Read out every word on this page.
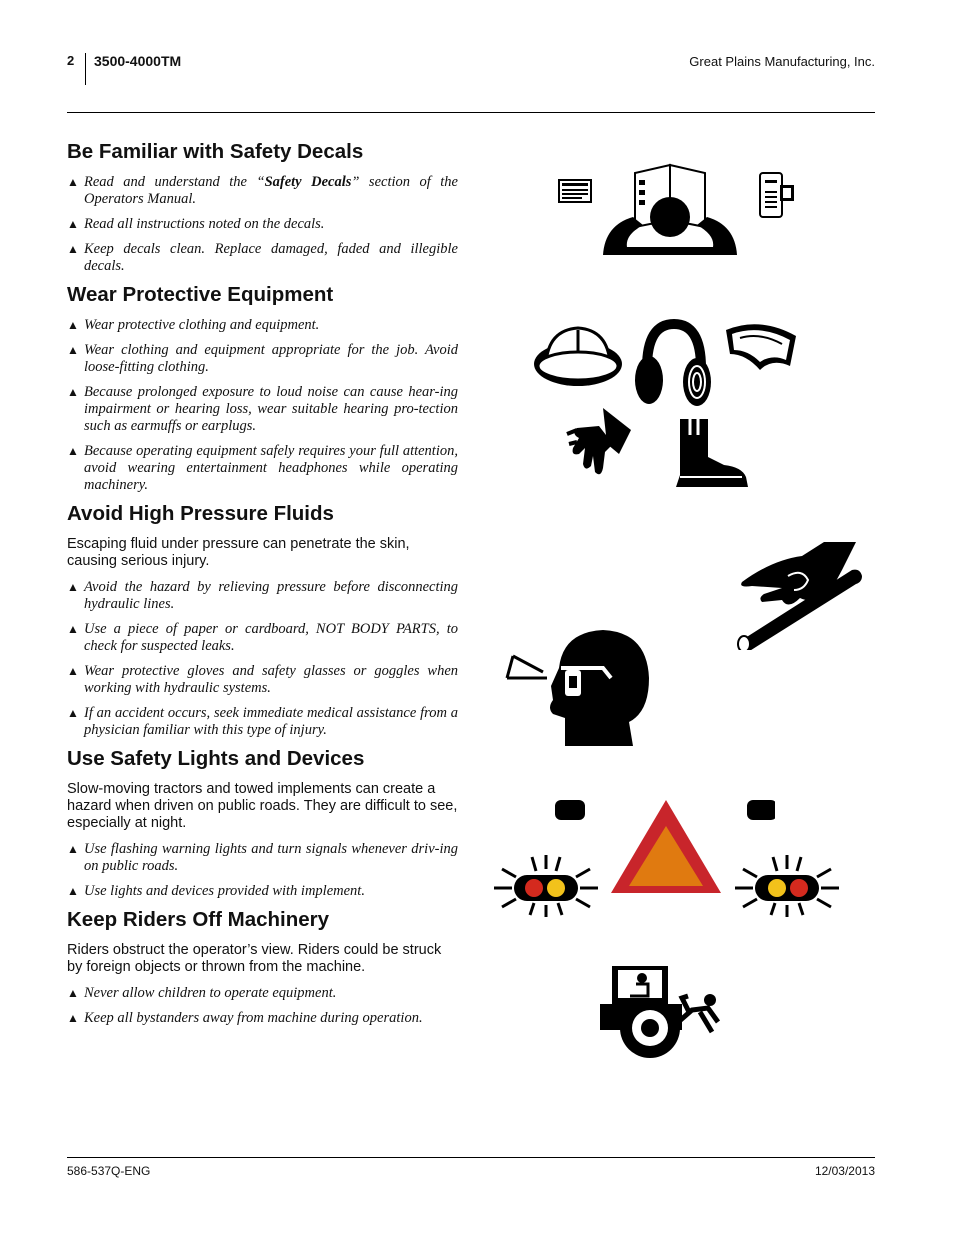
2 3500-4000TM	Great Plains Manufacturing, Inc.
Be Familiar with Safety Decals

▲ Read and understand the “Safety Decals” section of the Operators Manual.

▲ Read all instructions noted on the decals.

▲ Keep decals clean. Replace damaged, faded and illegible decals.

Wear Protective Equipment

▲ Wear protective clothing and equipment.

▲ Wear clothing and equipment appropriate for the job. Avoid loose-fitting clothing.

▲ Because prolonged exposure to loud noise can cause hear-ing impairment or hearing loss, wear suitable hearing pro-tection such as earmuffs or earplugs.

▲ Because operating equipment safely requires your full attention, avoid wearing entertainment headphones while operating machinery.

Avoid High Pressure Fluids

Escaping fluid under pressure can penetrate the skin, causing serious injury.

▲ Avoid the hazard by relieving pressure before disconnecting hydraulic lines.

▲ Use a piece of paper or cardboard, NOT BODY PARTS, to check for suspected leaks.

▲ Wear protective gloves and safety glasses or goggles when working with hydraulic systems.

▲ If an accident occurs, seek immediate medical assistance from a physician familiar with this type of injury.

Use Safety Lights and Devices

Slow-moving tractors and towed implements can create a hazard when driven on public roads. They are difficult to see, especially at night.

▲ Use flashing warning lights and turn signals whenever driv-ing on public roads.

▲ Use lights and devices provided with implement.

Keep Riders Off Machinery

Riders obstruct the operator’s view. Riders could be struck by foreign objects or thrown from the machine.

▲ Never allow children to operate equipment.

▲ Keep all bystanders away from machine during operation.

586-537Q-ENG	12/03/2013
